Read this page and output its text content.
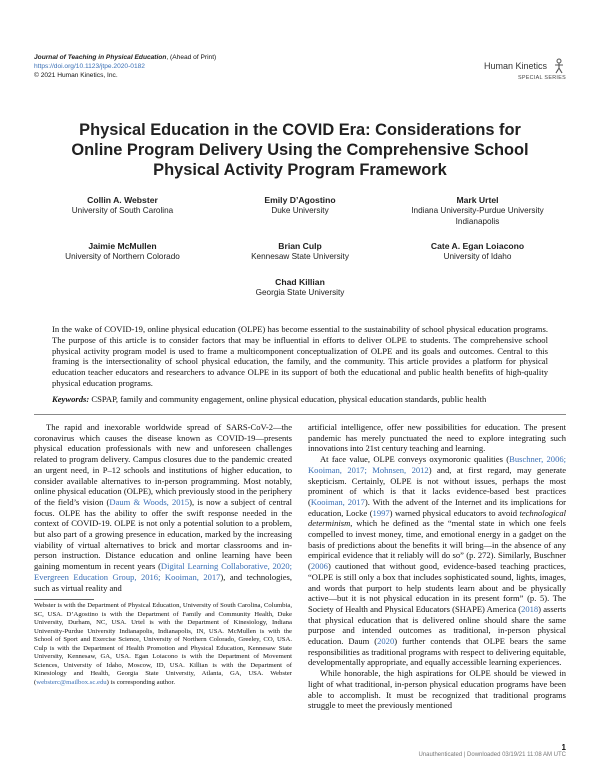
Journal of Teaching in Physical Education, (Ahead of Print)
https://doi.org/10.1123/jtpe.2020-0182
© 2021 Human Kinetics, Inc.
Human Kinetics
SPECIAL SERIES
Physical Education in the COVID Era: Considerations for Online Program Delivery Using the Comprehensive School Physical Activity Program Framework
Collin A. Webster
University of South Carolina
Emily D’Agostino
Duke University
Mark Urtel
Indiana University-Purdue University Indianapolis
Jaimie McMullen
University of Northern Colorado
Brian Culp
Kennesaw State University
Cate A. Egan Loiacono
University of Idaho
Chad Killian
Georgia State University

In the wake of COVID-19, online physical education (OLPE) has become essential to the sustainability of school physical education programs. The purpose of this article is to consider factors that may be influential in efforts to deliver OLPE to students. The comprehensive school physical activity program model is used to frame a multicomponent conceptualization of OLPE and its goals and outcomes. Central to this framing is the intersectionality of school physical education, the family, and the community. This article provides a platform for physical education teacher educators and researchers to advance OLPE in its support of both the educational and public health benefits of high-quality physical education programs.

Keywords: CSPAP, family and community engagement, online physical education, physical education standards, public health

The rapid and inexorable worldwide spread of SARS-CoV-2—the coronavirus which causes the disease known as COVID-19—presents physical education professionals with new and unforeseen challenges related to program delivery. Campus closures due to the pandemic created an urgent need, in P–12 schools and institutions of higher education, to consider available alternatives to in-person programming. Most notably, online physical education (OLPE), which previously stood in the periphery of the field’s vision (Daum & Woods, 2015), is now a subject of central focus. OLPE has the ability to offer the swift response needed in the context of COVID-19. OLPE is not only a potential solution to a problem, but also part of a growing presence in education, marked by the increasing viability of virtual alternatives to brick and mortar classrooms and in-person instruction. Distance education and online learning have been gaining momentum in recent years (Digital Learning Collaborative, 2020; Evergreen Education Group, 2016; Kooiman, 2017), and technologies, such as virtual reality and

Webster is with the Department of Physical Education, University of South Carolina, Columbia, SC, USA. D’Agostino is with the Department of Family and Community Health, Duke University, Durham, NC, USA. Urtel is with the Department of Kinesiology, Indiana University-Purdue University Indianapolis, Indianapolis, IN, USA. McMullen is with the School of Sport and Exercise Science, University of Northern Colorado, Greeley, CO, USA. Culp is with the Department of Health Promotion and Physical Education, Kennesaw State University, Kennesaw, GA, USA. Egan Loiacono is with the Department of Movement Sciences, University of Idaho, Moscow, ID, USA. Killian is with the Department of Kinesiology and Health, Georgia State University, Atlanta, GA, USA. Webster (websterc@mailbox.sc.edu) is corresponding author.

artificial intelligence, offer new possibilities for education. The present pandemic has merely punctuated the need to explore integrating such innovations into 21st century teaching and learning.

At face value, OLPE conveys oxymoronic qualities (Buschner, 2006; Kooiman, 2017; Mohnsen, 2012) and, at first regard, may generate skepticism. Certainly, OLPE is not without issues, perhaps the most prominent of which is that it lacks evidence-based best practices (Kooiman, 2017). With the advent of the Internet and its implications for education, Locke (1997) warned physical educators to avoid technological determinism, which he defined as the “mental state in which one feels compelled to invest money, time, and emotional energy in a gadget on the basis of predictions about the benefits it will bring—in the absence of any empirical evidence that it reliably will do so” (p. 272). Similarly, Buschner (2006) cautioned that without good, evidence-based teaching practices, “OLPE is still only a box that includes sophisticated sound, lights, images, and words that purport to help students learn about and be physically active—but it is not physical education in its present form” (p. 5). The Society of Health and Physical Educators (SHAPE) America (2018) asserts that physical education that is delivered online should share the same purpose and intended outcomes as traditional, in-person physical education. Daum (2020) further contends that OLPE bears the same responsibilities as traditional programs with respect to delivering equitable, developmentally appropriate, and equally accessible learning experiences.

While honorable, the high aspirations for OLPE should be viewed in light of what traditional, in-person physical education programs have been able to accomplish. It must be recognized that traditional programs struggle to meet the previously mentioned

1
Unauthenticated | Downloaded 03/19/21 11:08 AM UTC
